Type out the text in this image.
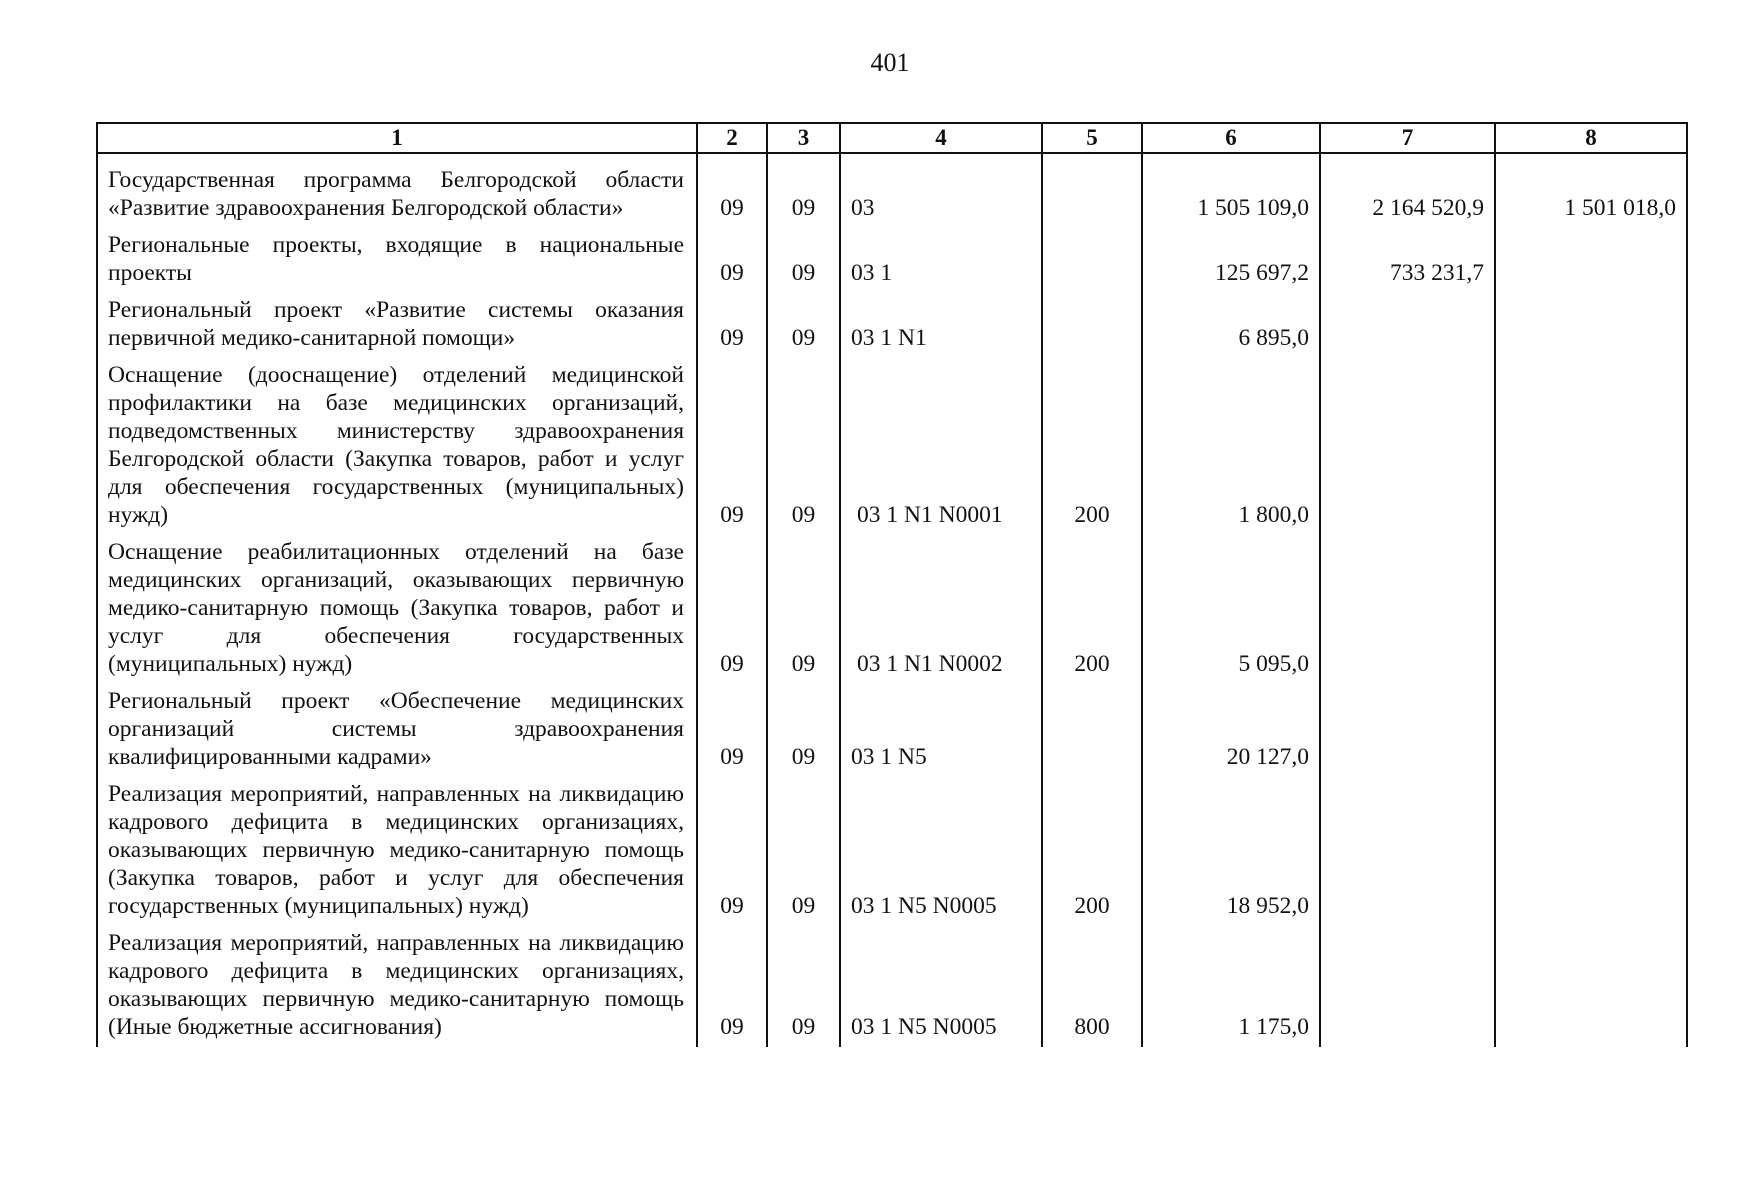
401
1	2	3	4	5	6	7	8
Государственная программа Белгородской области «Развитие здравоохранения Белгородской области»	09	09	03		1 505 109,0	2 164 520,9	1 501 018,0
Региональные проекты, входящие в национальные проекты	09	09	03 1		125 697,2	733 231,7	
Региональный проект «Развитие системы оказания первичной медико-санитарной помощи»	09	09	03 1 N1		6 895,0		
Оснащение (дооснащение) отделений медицинской профилактики на базе медицинских организаций, подведомственных министерству здравоохранения Белгородской области (Закупка товаров, работ и услуг для обеспечения государственных (муниципальных) нужд)	09	09	03 1 N1 N0001	200	1 800,0		
Оснащение реабилитационных отделений на базе медицинских организаций, оказывающих первичную медико-санитарную помощь (Закупка товаров, работ и услуг для обеспечения государственных (муниципальных) нужд)	09	09	03 1 N1 N0002	200	5 095,0		
Региональный проект «Обеспечение медицинских организаций системы здравоохранения квалифицированными кадрами»	09	09	03 1 N5		20 127,0		
Реализация мероприятий, направленных на ликвидацию кадрового дефицита в медицинских организациях, оказывающих первичную медико-санитарную помощь (Закупка товаров, работ и услуг для обеспечения государственных (муниципальных) нужд)	09	09	03 1 N5 N0005	200	18 952,0		
Реализация мероприятий, направленных на ликвидацию кадрового дефицита в медицинских организациях, оказывающих первичную медико-санитарную помощь (Иные бюджетные ассигнования)	09	09	03 1 N5 N0005	800	1 175,0		
